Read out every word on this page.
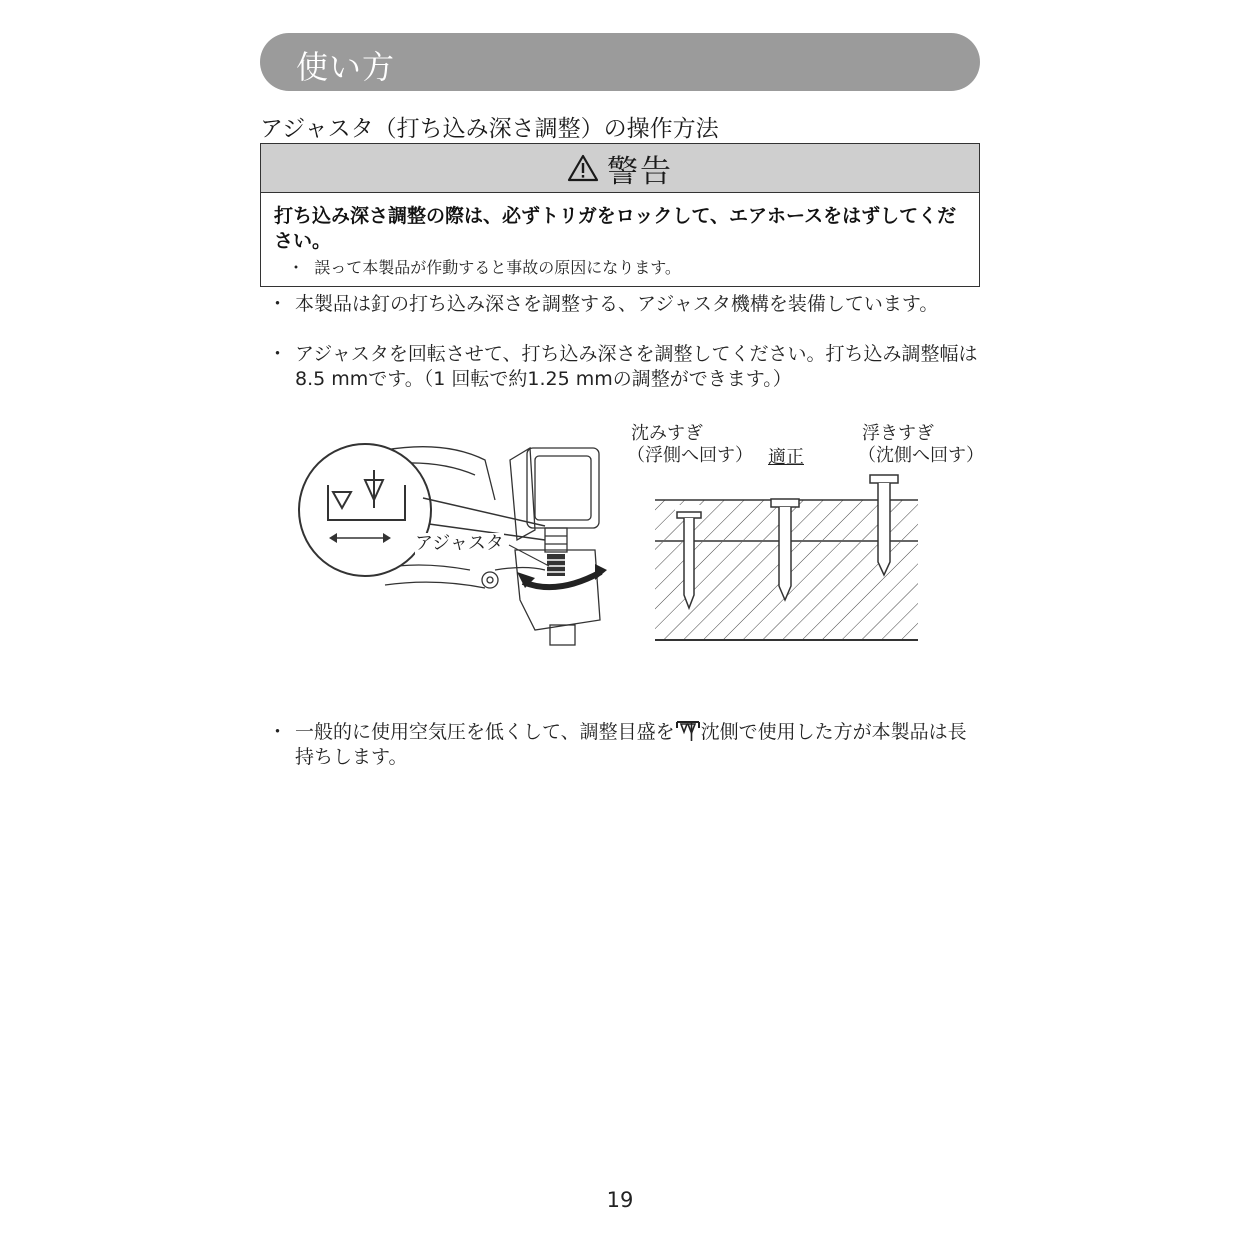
使い方
アジャスタ（打ち込み深さ調整）の操作方法
警告
打ち込み深さ調整の際は、必ずトリガをロックして、エアホースをはずしてください。
・ 誤って本製品が作動すると事故の原因になります。
・ 本製品は釘の打ち込み深さを調整する、アジャスタ機構を装備しています。
・ アジャスタを回転させて、打ち込み深さを調整してください。打ち込み調整幅は8.5 mmです。（1 回転で約1.25 mmの調整ができます。）
アジャスタ
沈みすぎ
（浮側へ回す） 適正
浮きすぎ
（沈側へ回す）
・ 一般的に使用空気圧を低くして、調整目盛を 沈側で使用した方が本製品は長持ちします。
19
